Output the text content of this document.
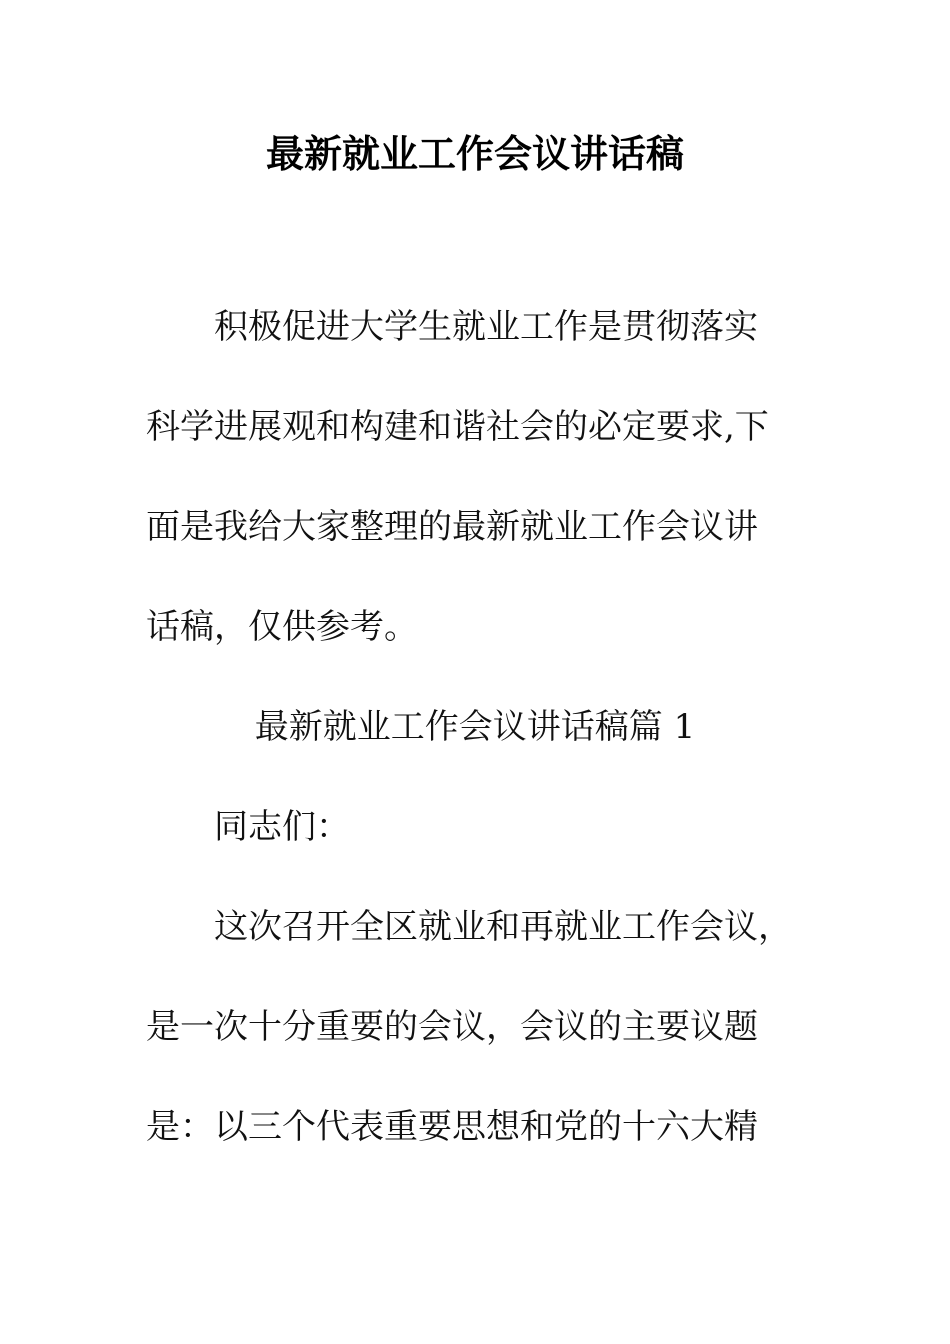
最新就业工作会议讲话稿
积极促进大学生就业工作是贯彻落实
科学进展观和构建和谐社会的必定要求,下
面是我给大家整理的最新就业工作会议讲
话稿，仅供参考。
最新就业工作会议讲话稿篇 1
同志们：
这次召开全区就业和再就业工作会议，
是一次十分重要的会议，会议的主要议题
是：以三个代表重要思想和党的十六大精
